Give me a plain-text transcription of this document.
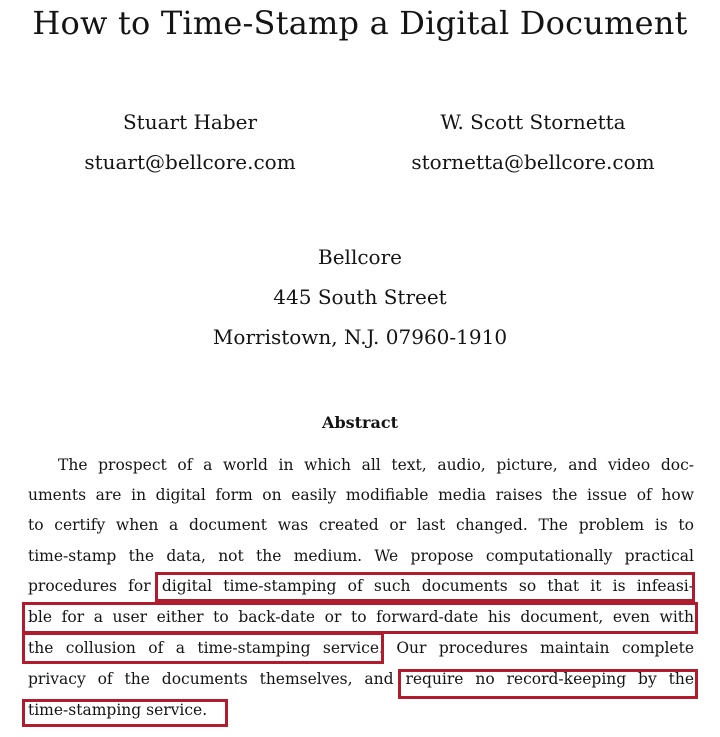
How to Time-Stamp a Digital Document
Stuart Haber
stuart@bellcore.com
W. Scott Stornetta
stornetta@bellcore.com
Bellcore
445 South Street
Morristown, N.J. 07960-1910
Abstract
The prospect of a world in which all text, audio, picture, and video doc-
uments are in digital form on easily modifiable media raises the issue of how
to certify when a document was created or last changed. The problem is to
time-stamp the data, not the medium. We propose computationally practical
procedures for digital time-stamping of such documents so that it is infeasi-
ble for a user either to back-date or to forward-date his document, even with
the collusion of a time-stamping service. Our procedures maintain complete
privacy of the documents themselves, and require no record-keeping by the
time-stamping service.
